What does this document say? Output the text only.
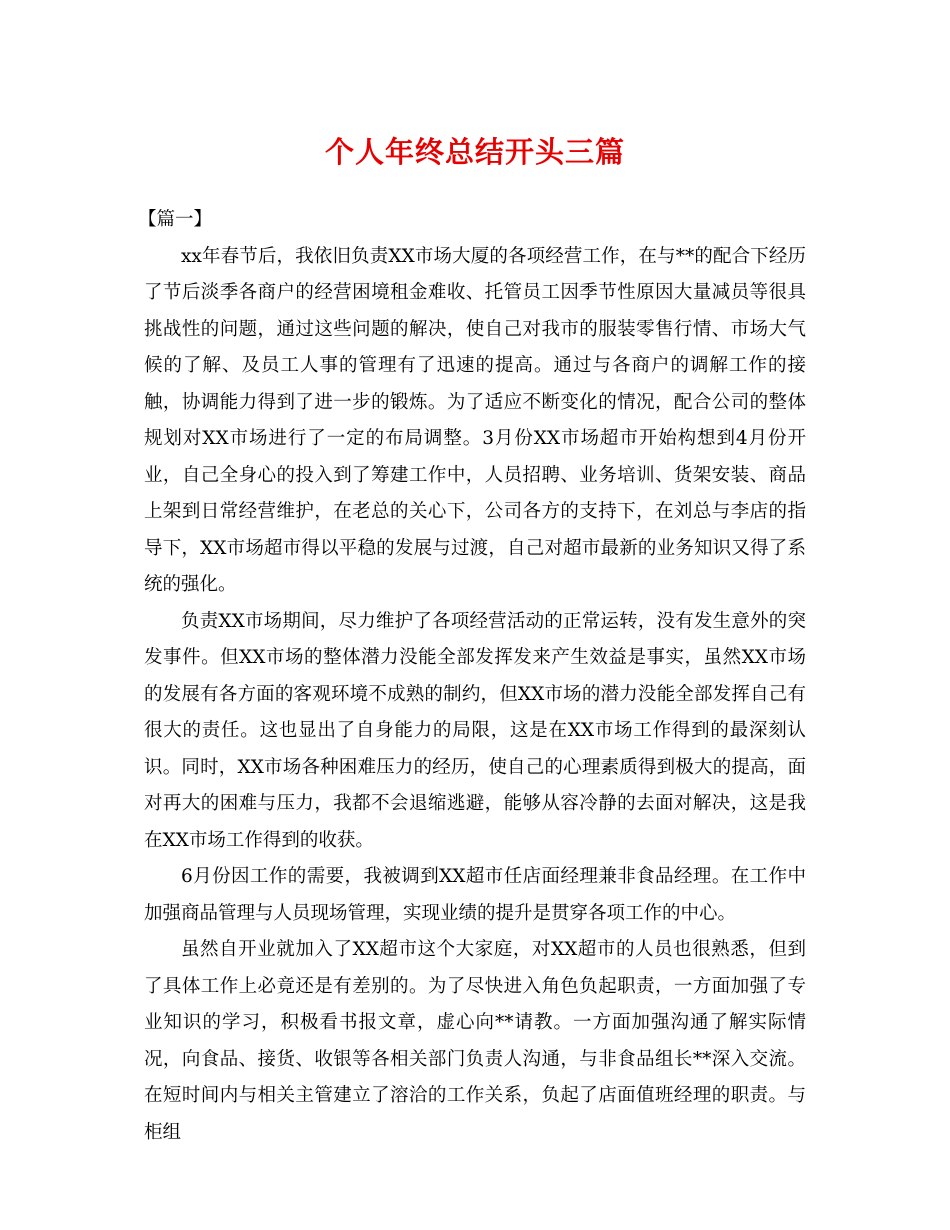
个人年终总结开头三篇

【篇一】

xx年春节后，我依旧负责XX市场大厦的各项经营工作，在与**的配合下经历了节后淡季各商户的经营困境租金难收、托管员工因季节性原因大量减员等很具挑战性的问题，通过这些问题的解决，使自己对我市的服装零售行情、市场大气候的了解、及员工人事的管理有了迅速的提高。通过与各商户的调解工作的接触，协调能力得到了进一步的锻炼。为了适应不断变化的情况，配合公司的整体规划对XX市场进行了一定的布局调整。3月份XX市场超市开始构想到4月份开业，自己全身心的投入到了筹建工作中，人员招聘、业务培训、货架安装、商品上架到日常经营维护，在老总的关心下，公司各方的支持下，在刘总与李店的指导下，XX市场超市得以平稳的发展与过渡，自己对超市最新的业务知识又得了系统的强化。

负责XX市场期间，尽力维护了各项经营活动的正常运转，没有发生意外的突发事件。但XX市场的整体潜力没能全部发挥发来产生效益是事实，虽然XX市场的发展有各方面的客观环境不成熟的制约，但XX市场的潜力没能全部发挥自己有很大的责任。这也显出了自身能力的局限，这是在XX市场工作得到的最深刻认识。同时，XX市场各种困难压力的经历，使自己的心理素质得到极大的提高，面对再大的困难与压力，我都不会退缩逃避，能够从容冷静的去面对解决，这是我在XX市场工作得到的收获。

6月份因工作的需要，我被调到XX超市任店面经理兼非食品经理。在工作中加强商品管理与人员现场管理，实现业绩的提升是贯穿各项工作的中心。

虽然自开业就加入了XX超市这个大家庭，对XX超市的人员也很熟悉，但到了具体工作上必竟还是有差别的。为了尽快进入角色负起职责，一方面加强了专业知识的学习，积极看书报文章，虚心向**请教。一方面加强沟通了解实际情况，向食品、接货、收银等各相关部门负责人沟通，与非食品组长**深入交流。在短时间内与相关主管建立了溶洽的工作关系，负起了店面值班经理的职责。与柜组
